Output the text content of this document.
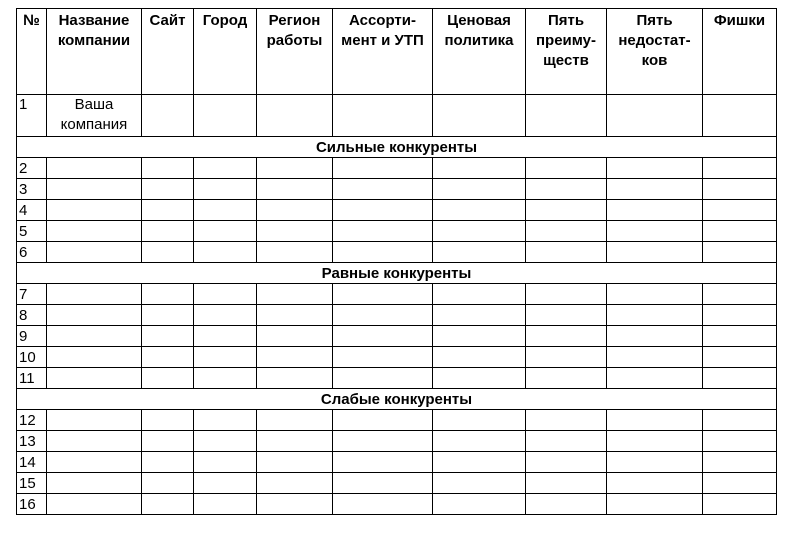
№	Название компании	Сайт	Город	Регион работы	Ассорти-мент и УТП	Ценовая политика	Пять преиму-ществ	Пять недостат-ков	Фишки
1	Ваша компания								
Сильные конкуренты									
2									
3									
4									
5									
6									
Равные конкуренты									
7									
8									
9									
10									
11									
Слабые конкуренты									
12									
13									
14									
15									
16									
